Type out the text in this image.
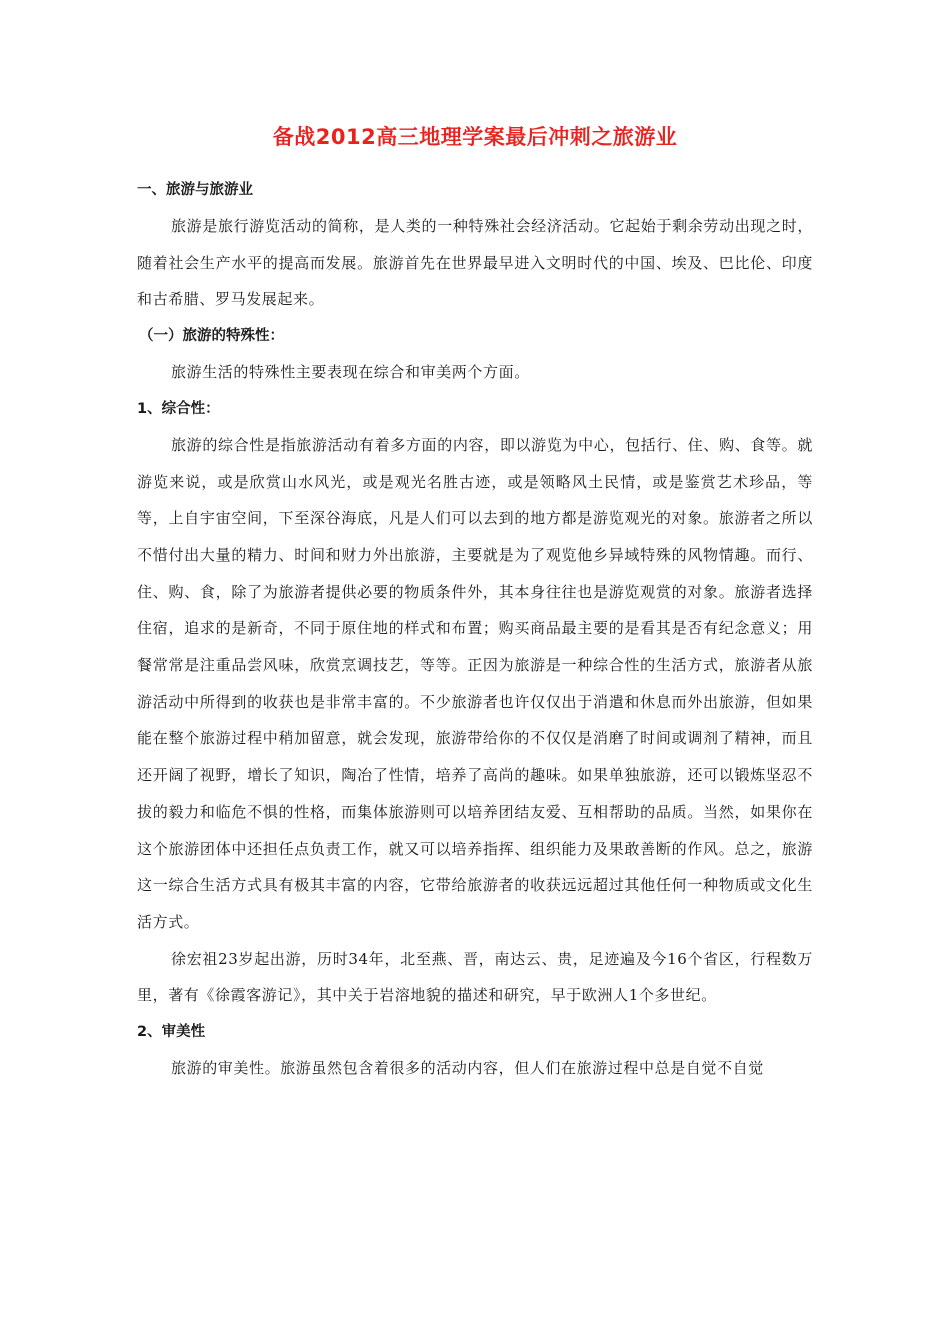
备战2012高三地理学案最后冲刺之旅游业
一、旅游与旅游业

旅游是旅行游览活动的简称，是人类的一种特殊社会经济活动。它起始于剩余劳动出现之时，随着社会生产水平的提高而发展。旅游首先在世界最早进入文明时代的中国、埃及、巴比伦、印度和古希腊、罗马发展起来。

（一）旅游的特殊性：

旅游生活的特殊性主要表现在综合和审美两个方面。

1、综合性：

旅游的综合性是指旅游活动有着多方面的内容，即以游览为中心，包括行、住、购、食等。就游览来说，或是欣赏山水风光，或是观光名胜古迹，或是领略风土民情，或是鉴赏艺术珍品，等等，上自宇宙空间，下至深谷海底，凡是人们可以去到的地方都是游览观光的对象。旅游者之所以不惜付出大量的精力、时间和财力外出旅游，主要就是为了观览他乡异域特殊的风物情趣。而行、住、购、食，除了为旅游者提供必要的物质条件外，其本身往往也是游览观赏的对象。旅游者选择住宿，追求的是新奇，不同于原住地的样式和布置；购买商品最主要的是看其是否有纪念意义；用餐常常是注重品尝风味，欣赏烹调技艺，等等。正因为旅游是一种综合性的生活方式，旅游者从旅游活动中所得到的收获也是非常丰富的。不少旅游者也许仅仅出于消遣和休息而外出旅游，但如果能在整个旅游过程中稍加留意，就会发现，旅游带给你的不仅仅是消磨了时间或调剂了精神，而且还开阔了视野，增长了知识，陶冶了性情，培养了高尚的趣味。如果单独旅游，还可以锻炼坚忍不拔的毅力和临危不惧的性格，而集体旅游则可以培养团结友爱、互相帮助的品质。当然，如果你在这个旅游团体中还担任点负责工作，就又可以培养指挥、组织能力及果敢善断的作风。总之，旅游这一综合生活方式具有极其丰富的内容，它带给旅游者的收获远远超过其他任何一种物质或文化生活方式。

徐宏祖23岁起出游，历时34年，北至燕、晋，南达云、贵，足迹遍及今16个省区，行程数万里，著有《徐霞客游记》，其中关于岩溶地貌的描述和研究，早于欧洲人1个多世纪。

2、审美性

旅游的审美性。旅游虽然包含着很多的活动内容，但人们在旅游过程中总是自觉不自觉
